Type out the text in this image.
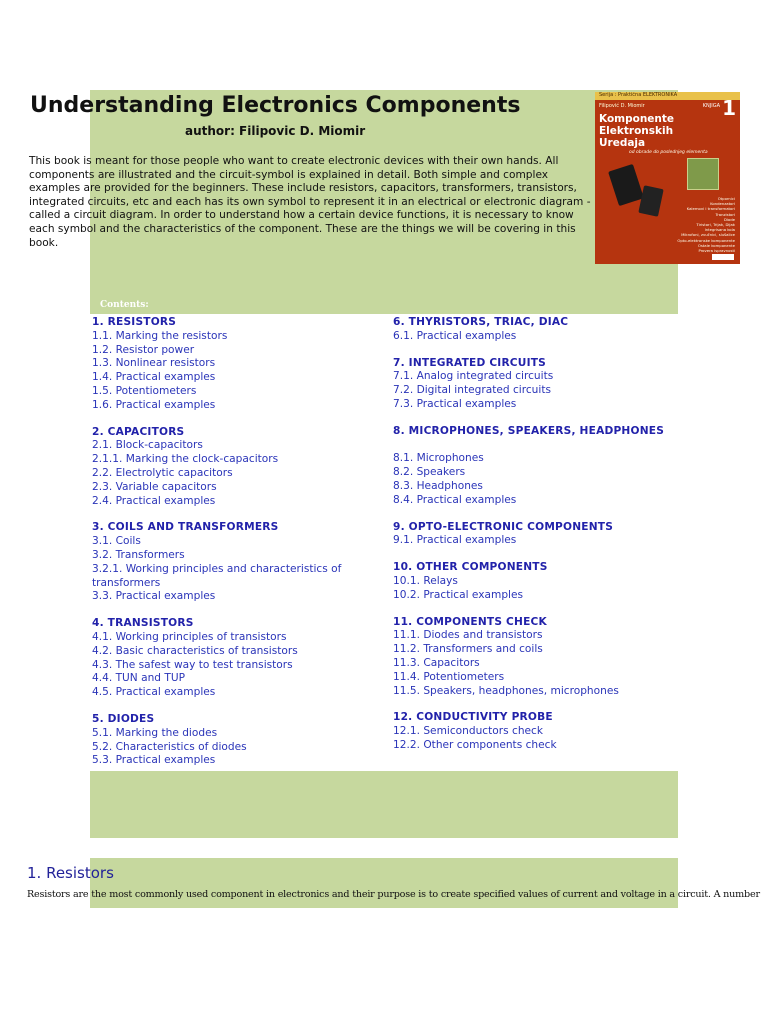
Understanding Electronics Components
author: Filipovic D. Miomir

This book is meant for those people who want to create electronic devices with their own hands. All components are illustrated and the circuit-symbol is explained in detail. Both simple and complex examples are provided for the beginners. These include resistors, capacitors, transformers, transistors, integrated circuits, etc and each has its own symbol to represent it in an electrical or electronic diagram - called a circuit diagram. In order to understand how a certain device functions, it is necessary to know each symbol and the characteristics of the component. These are the things we will be covering in this book.

Serija : Praktična ELEKTRONIKA
Filipović D. Miomir	KNJIGA 1
Komponente
Elektronskih
Uredaja
od obrade do poslednjeg elementa
Otpornici
Kondenzatori
Kalemovi i transformatori
Tranzistori
Diode
Tiristori, Trijak, Dijak
Integrisana kola
Mikrofoni, zvučnici, slušalice
Opto-elektronske komponente
Ostale komponente
Provera ispravnosti
Contents:
1. RESISTORS
1.1. Marking the resistors
1.2. Resistor power
1.3. Nonlinear resistors
1.4. Practical examples
1.5. Potentiometers
1.6. Practical examples
2. CAPACITORS
2.1. Block-capacitors
2.1.1. Marking the clock-capacitors
2.2. Electrolytic capacitors
2.3. Variable capacitors
2.4. Practical examples
3. COILS AND TRANSFORMERS
3.1. Coils
3.2. Transformers
3.2.1. Working principles and characteristics of transformers
3.3. Practical examples
4. TRANSISTORS
4.1. Working principles of transistors
4.2. Basic characteristics of transistors
4.3. The safest way to test transistors
4.4. TUN and TUP
4.5. Practical examples
5. DIODES
5.1. Marking the diodes
5.2. Characteristics of diodes
5.3. Practical examples
6. THYRISTORS, TRIAC, DIAC
6.1. Practical examples
7. INTEGRATED CIRCUITS
7.1. Analog integrated circuits
7.2. Digital integrated circuits
7.3. Practical examples
8. MICROPHONES, SPEAKERS, HEADPHONES

8.1. Microphones
8.2. Speakers
8.3. Headphones
8.4. Practical examples
9. OPTO-ELECTRONIC COMPONENTS
9.1. Practical examples
10. OTHER COMPONENTS
10.1. Relays
10.2. Practical examples
11. COMPONENTS CHECK
11.1. Diodes and transistors
11.2. Transformers and coils
11.3. Capacitors
11.4. Potentiometers
11.5. Speakers, headphones, microphones
12. CONDUCTIVITY PROBE
12.1. Semiconductors check
12.2. Other components check
1. Resistors

Resistors are the most commonly used component in electronics and their purpose is to create specified values of current and voltage in a circuit. A number
